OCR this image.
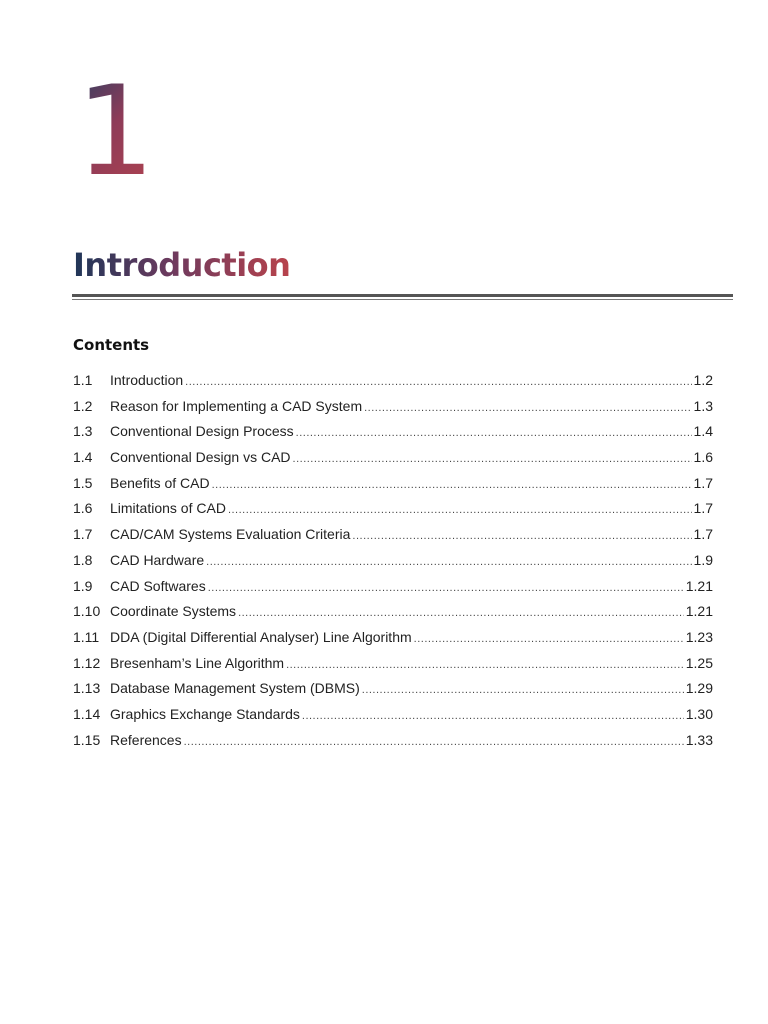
1
Introduction
Contents
1.1	Introduction .....	1.2
1.2	Reason for Implementing a CAD System .....	1.3
1.3	Conventional Design Process .....	1.4
1.4	Conventional Design vs CAD .....	1.6
1.5	Benefits of CAD .....	1.7
1.6	Limitations of CAD .....	1.7
1.7	CAD/CAM Systems Evaluation Criteria .....	1.7
1.8	CAD Hardware .....	1.9
1.9	CAD Softwares .....	1.21
1.10 Coordinate Systems .....	1.21
1.11 DDA (Digital Differential Analyser) Line Algorithm .....	1.23
1.12 Bresenham’s Line Algorithm .....	1.25
1.13 Database Management System (DBMS) .....	1.29
1.14 Graphics Exchange Standards .....	1.30
1.15 References .....	1.33
